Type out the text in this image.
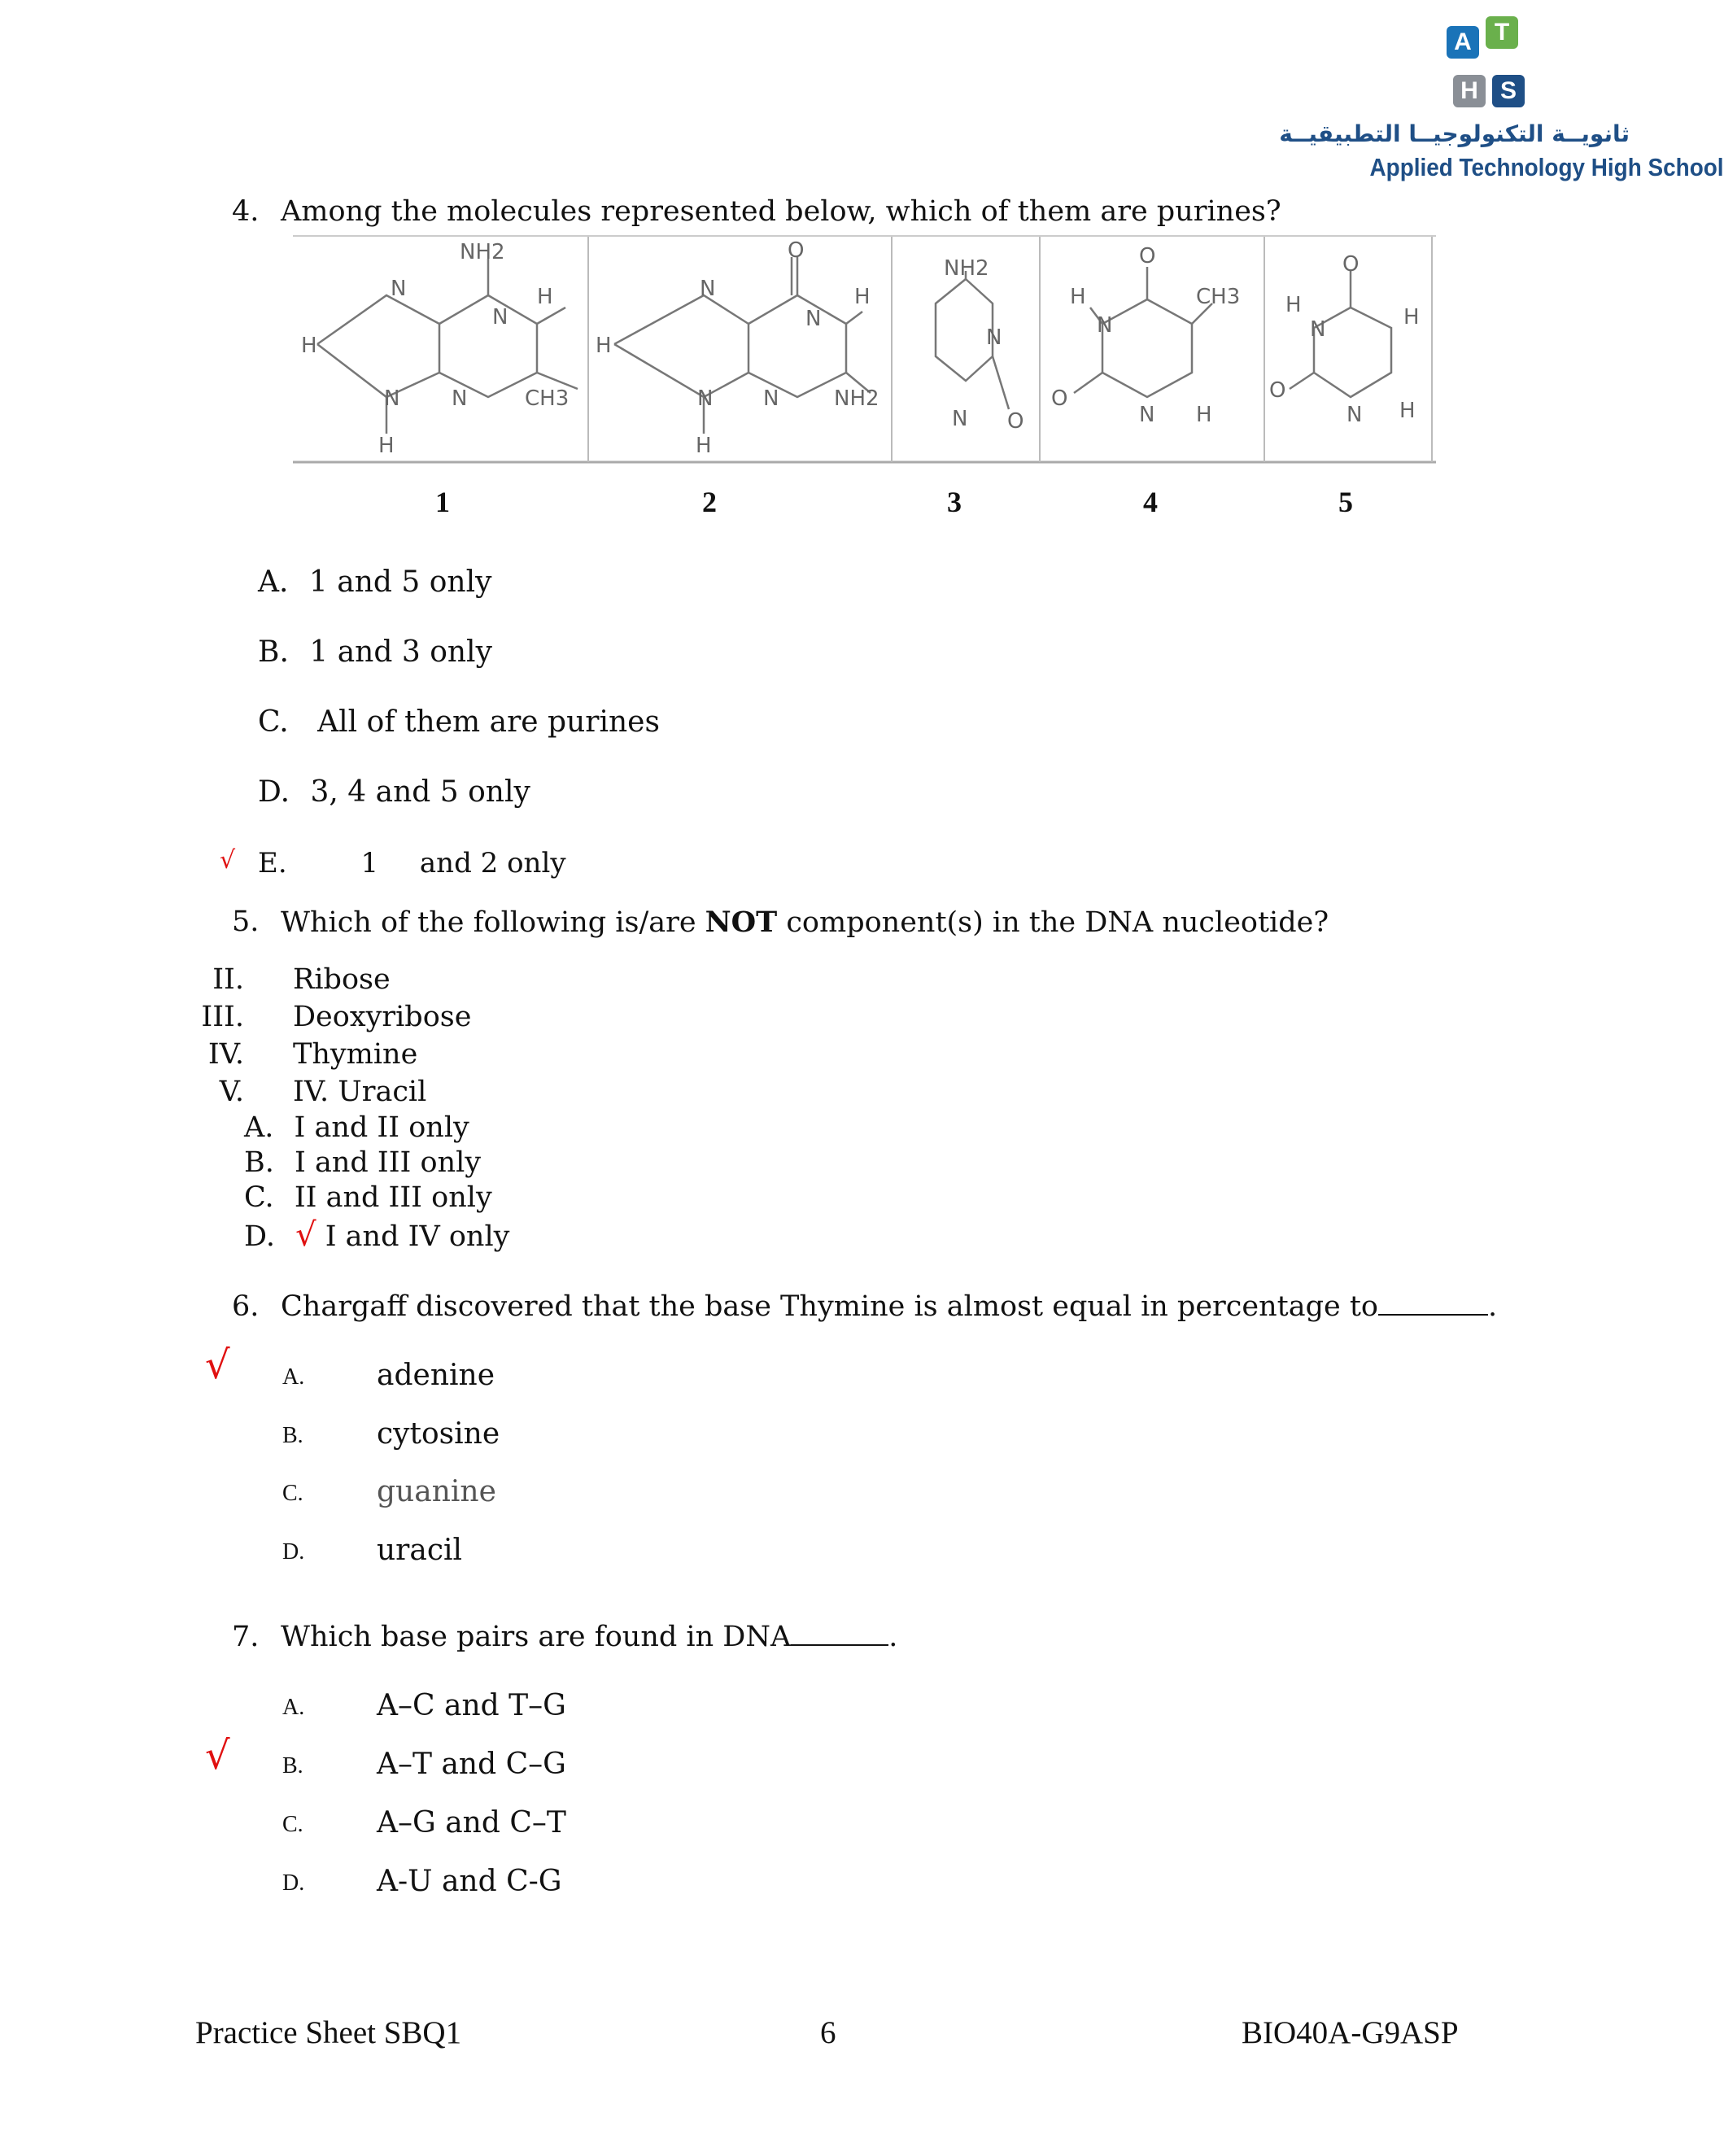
A T
H S
ثانويــة التكنولوجيــا التطبيقيــة
Applied Technology High School
4. Among the molecules represented below, which of them are purines?
NH2
N
N
H
H
N N	CH3
H
O
N
N
H
H
N N	NH2
H
NH2
N
N O
O
H
N
CH3
O
N H
O
H
N	H
O
N H
1	2	3	4	5
A. 1 and 5 only
B. 1 and 3 only
C. All of them are purines
D. 3, 4 and 5 only
√ E.	1 and 2 only
5. Which of the following is/are NOT component(s) in the DNA nucleotide?
II. Ribose
III. Deoxyribose
IV. Thymine
V. IV. Uracil
A. I and II only
B. I and III only
C. II and III only
D. √ I and IV only
6. Chargaff discovered that the base Thymine is almost equal in percentage to	.
√ A. adenine
B.	cytosine
C.	guanine
D. uracil
7. Which base pairs are found in DNA	.
A. A–C and T–G
√ B.	A–T and C–G
C.	A–G and C–T
D. A-U and C-G
Practice Sheet SBQ1	6	BIO40A-G9ASP
